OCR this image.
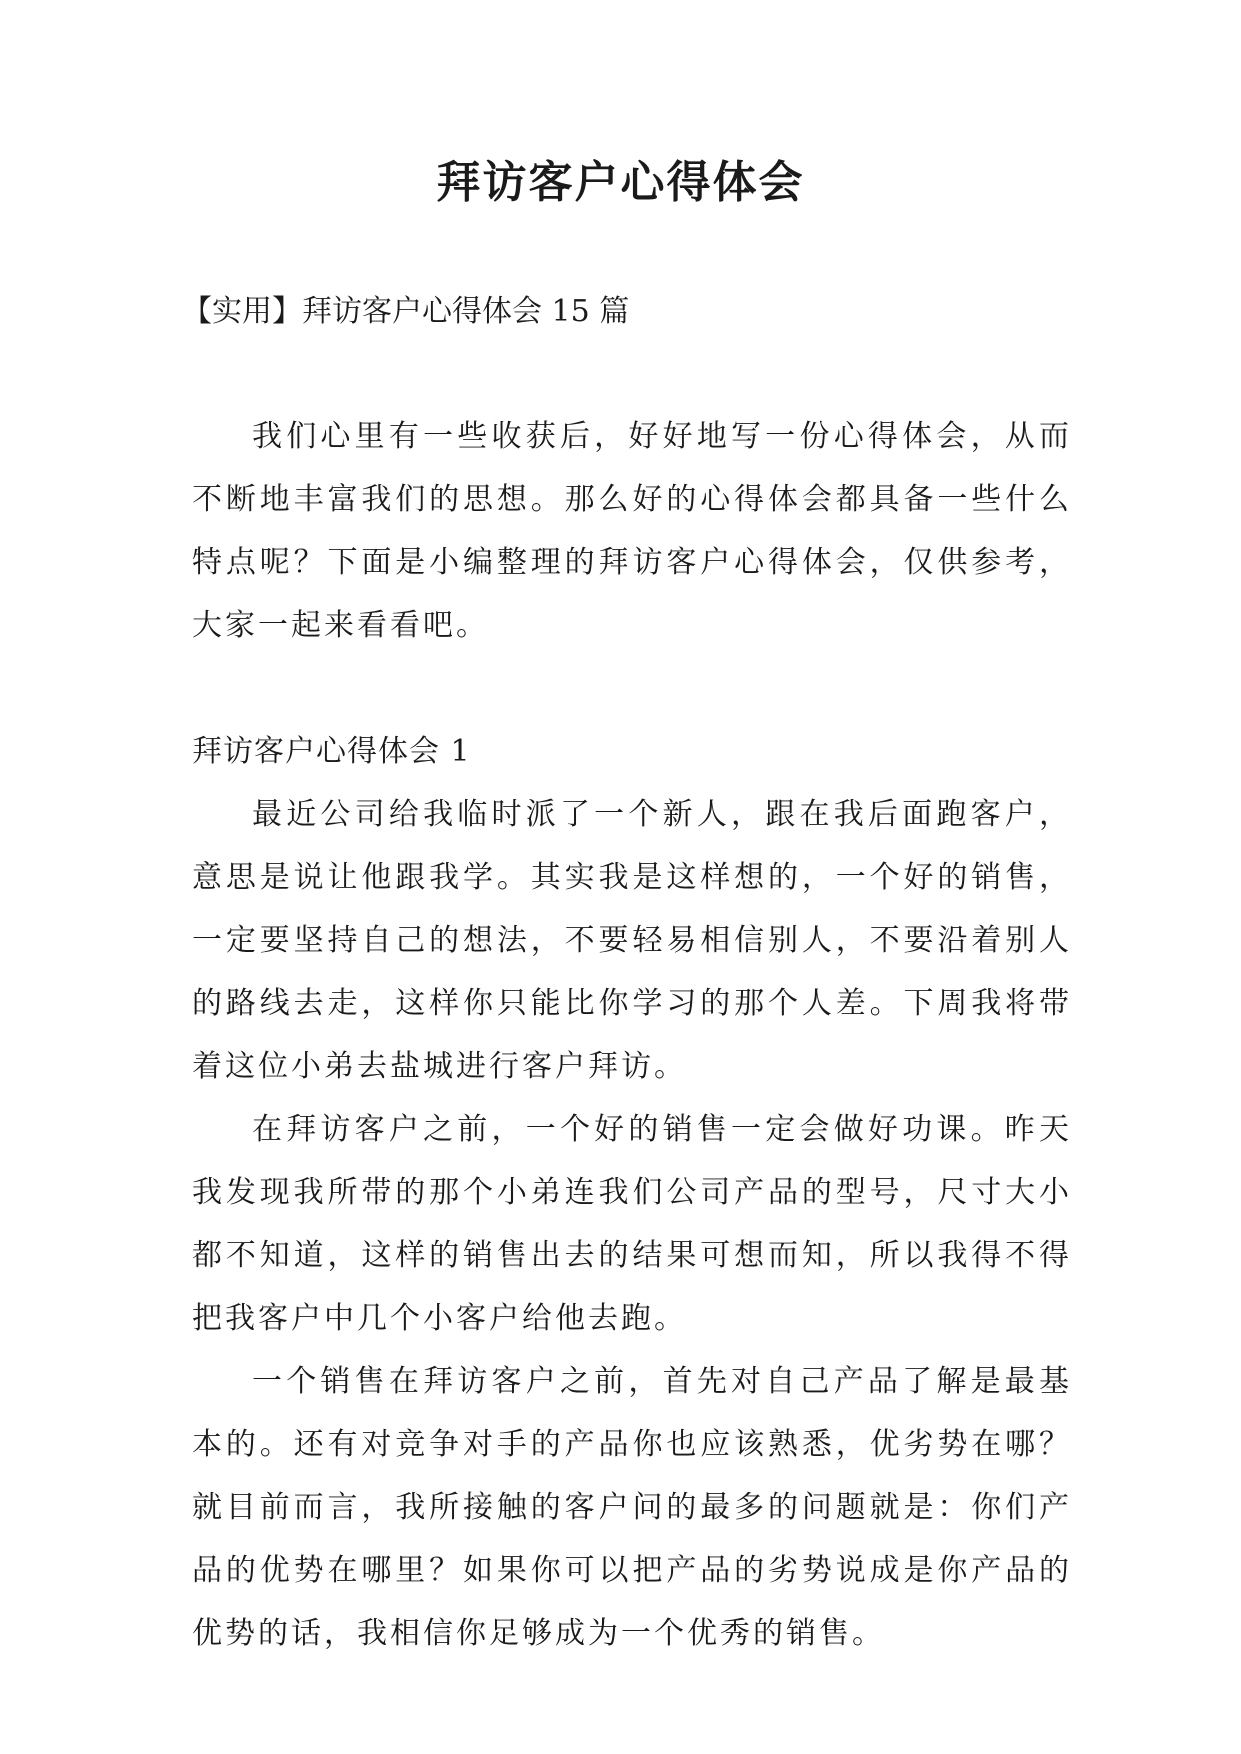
拜访客户心得体会

【实用】拜访客户心得体会 15 篇

我们心里有一些收获后，好好地写一份心得体会，从而不断地丰富我们的思想。那么好的心得体会都具备一些什么特点呢？下面是小编整理的拜访客户心得体会，仅供参考，大家一起来看看吧。

拜访客户心得体会 1

最近公司给我临时派了一个新人，跟在我后面跑客户，意思是说让他跟我学。其实我是这样想的，一个好的销售，一定要坚持自己的想法，不要轻易相信别人，不要沿着别人的路线去走，这样你只能比你学习的那个人差。下周我将带着这位小弟去盐城进行客户拜访。

在拜访客户之前，一个好的销售一定会做好功课。昨天我发现我所带的那个小弟连我们公司产品的型号，尺寸大小都不知道，这样的销售出去的结果可想而知，所以我得不得把我客户中几个小客户给他去跑。

一个销售在拜访客户之前，首先对自己产品了解是最基本的。还有对竞争对手的产品你也应该熟悉，优劣势在哪？就目前而言，我所接触的客户问的最多的问题就是：你们产品的优势在哪里？如果你可以把产品的劣势说成是你产品的优势的话，我相信你足够成为一个优秀的销售。
